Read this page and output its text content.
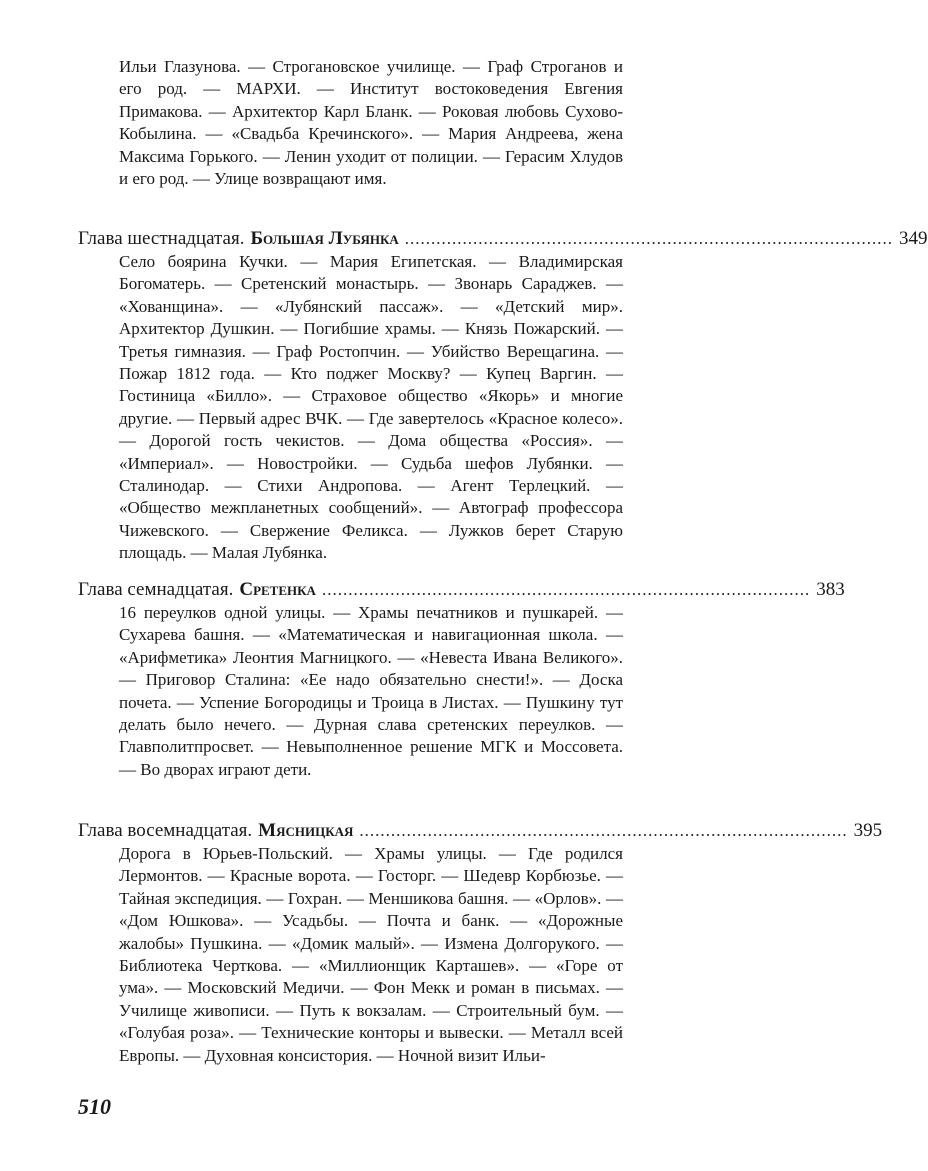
Ильи Глазунова. — Строгановское училище. — Граф Строганов и его род. — МАРХИ. — Институт востоковедения Евгения Примакова. — Архитектор Карл Бланк. — Роковая любовь Сухово-Кобылина. — «Свадьба Кречинского». — Мария Андреева, жена Максима Горького. — Ленин уходит от полиции. — Герасим Хлудов и его род. — Улице возвращают имя.

Глава шестнадцатая. Большая Лубянка ............................................................................................. 349

Село боярина Кучки. — Мария Египетская. — Владимирская Богоматерь. — Сретенский монастырь. — Звонарь Сараджев. — «Хованщина». — «Лубянский пассаж». — «Детский мир». Архитектор Душкин. — Погибшие храмы. — Князь Пожарский. — Третья гимназия. — Граф Ростопчин. — Убийство Верещагина. — Пожар 1812 года. — Кто поджег Москву? — Купец Варгин. — Гостиница «Билло». — Страховое общество «Якорь» и многие другие. — Первый адрес ВЧК. — Где завертелось «Красное колесо». — Дорогой гость чекистов. — Дома общества «Россия». — «Империал». — Новостройки. — Судьба шефов Лубянки. — Сталинодар. — Стихи Андропова. — Агент Терлецкий. — «Общество межпланетных сообщений». — Автограф профессора Чижевского. — Свержение Феликса. — Лужков берет Старую площадь. — Малая Лубянка.

Глава семнадцатая. Сретенка ............................................................................................. 383

16 переулков одной улицы. — Храмы печатников и пушкарей. — Сухарева башня. — «Математическая и навигационная школа. — «Арифметика» Леонтия Магницкого. — «Невеста Ивана Великого». — Приговор Сталина: «Ее надо обязательно снести!». — Доска почета. — Успение Богородицы и Троица в Листах. — Пушкину тут делать было нечего. — Дурная слава сретенских переулков. — Главполитпросвет. — Невыполненное решение МГК и Моссовета. — Во дворах играют дети.

Глава восемнадцатая. Мясницкая ............................................................................................. 395

Дорога в Юрьев-Польский. — Храмы улицы. — Где родился Лермонтов. — Красные ворота. — Госторг. — Шедевр Корбюзье. — Тайная экспедиция. — Гохран. — Меншикова башня. — «Орлов». — «Дом Юшкова». — Усадьбы. — Почта и банк. — «Дорожные жалобы» Пушкина. — «Домик малый». — Измена Долгорукого. — Библиотека Черткова. — «Миллионщик Карташев». — «Горе от ума». — Московский Медичи. — Фон Мекк и роман в письмах. — Училище живописи. — Путь к вокзалам. — Строительный бум. — «Голубая роза». — Технические конторы и вывески. — Металл всей Европы. — Духовная консистория. — Ночной визит Ильи-

510
